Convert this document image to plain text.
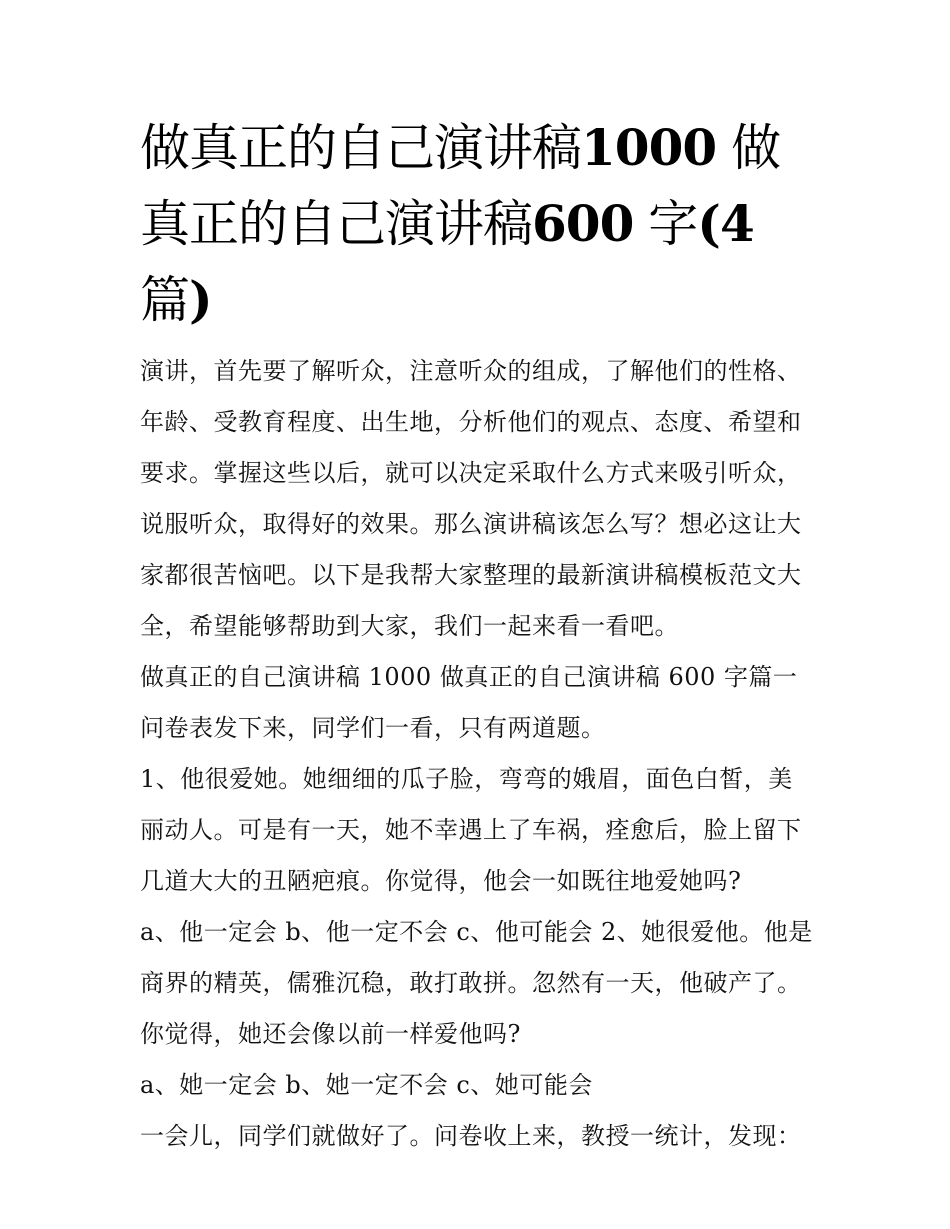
做真正的自己演讲稿1000 做真正的自己演讲稿600 字(4 篇)

演讲，首先要了解听众，注意听众的组成，了解他们的性格、年龄、受教育程度、出生地，分析他们的观点、态度、希望和要求。掌握这些以后，就可以决定采取什么方式来吸引听众，说服听众，取得好的效果。那么演讲稿该怎么写？想必这让大家都很苦恼吧。以下是我帮大家整理的最新演讲稿模板范文大全，希望能够帮助到大家，我们一起来看一看吧。

做真正的自己演讲稿 1000 做真正的自己演讲稿 600 字篇一 问卷表发下来，同学们一看，只有两道题。

1、他很爱她。她细细的瓜子脸，弯弯的娥眉，面色白皙，美丽动人。可是有一天，她不幸遇上了车祸，痊愈后，脸上留下几道大大的丑陋疤痕。你觉得，他会一如既往地爱她吗?

a、他一定会 b、他一定不会 c、他可能会 2、她很爱他。他是商界的精英，儒雅沉稳，敢打敢拼。忽然有一天，他破产了。你觉得，她还会像以前一样爱他吗?

a、她一定会 b、她一定不会 c、她可能会

一会儿，同学们就做好了。问卷收上来，教授一统计，发现：
